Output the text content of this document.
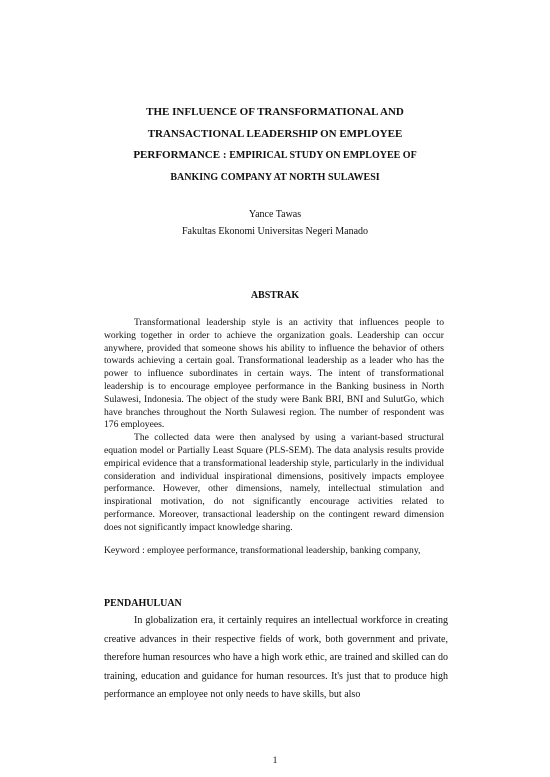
THE INFLUENCE OF TRANSFORMATIONAL AND
TRANSACTIONAL LEADERSHIP ON EMPLOYEE
PERFORMANCE : EMPIRICAL STUDY ON EMPLOYEE OF
BANKING COMPANY AT NORTH SULAWESI
Yance Tawas
Fakultas Ekonomi Universitas Negeri Manado
ABSTRAK

Transformational leadership style is an activity that influences people to working together in order to achieve the organization goals. Leadership can occur anywhere, provided that someone shows his ability to influence the behavior of others towards achieving a certain goal. Transformational leadership as a leader who has the power to influence subordinates in certain ways. The intent of transformational leadership is to encourage employee performance in the Banking business in North Sulawesi, Indonesia. The object of the study were Bank BRI, BNI and SulutGo, which have branches throughout the North Sulawesi region. The number of respondent was 176 employees.

The collected data were then analysed by using a variant-based structural equation model or Partially Least Square (PLS-SEM). The data analysis results provide empirical evidence that a transformational leadership style, particularly in the individual consideration and individual inspirational dimensions, positively impacts employee performance. However, other dimensions, namely, intellectual stimulation and inspirational motivation, do not significantly encourage activities related to performance. Moreover, transactional leadership on the contingent reward dimension does not significantly impact knowledge sharing.

Keyword : employee performance, transformational leadership, banking company,
PENDAHULUAN

In globalization era, it certainly requires an intellectual workforce in creating creative advances in their respective fields of work, both government and private, therefore human resources who have a high work ethic, are trained and skilled can do training, education and guidance for human resources. It's just that to produce high performance an employee not only needs to have skills, but also

1
